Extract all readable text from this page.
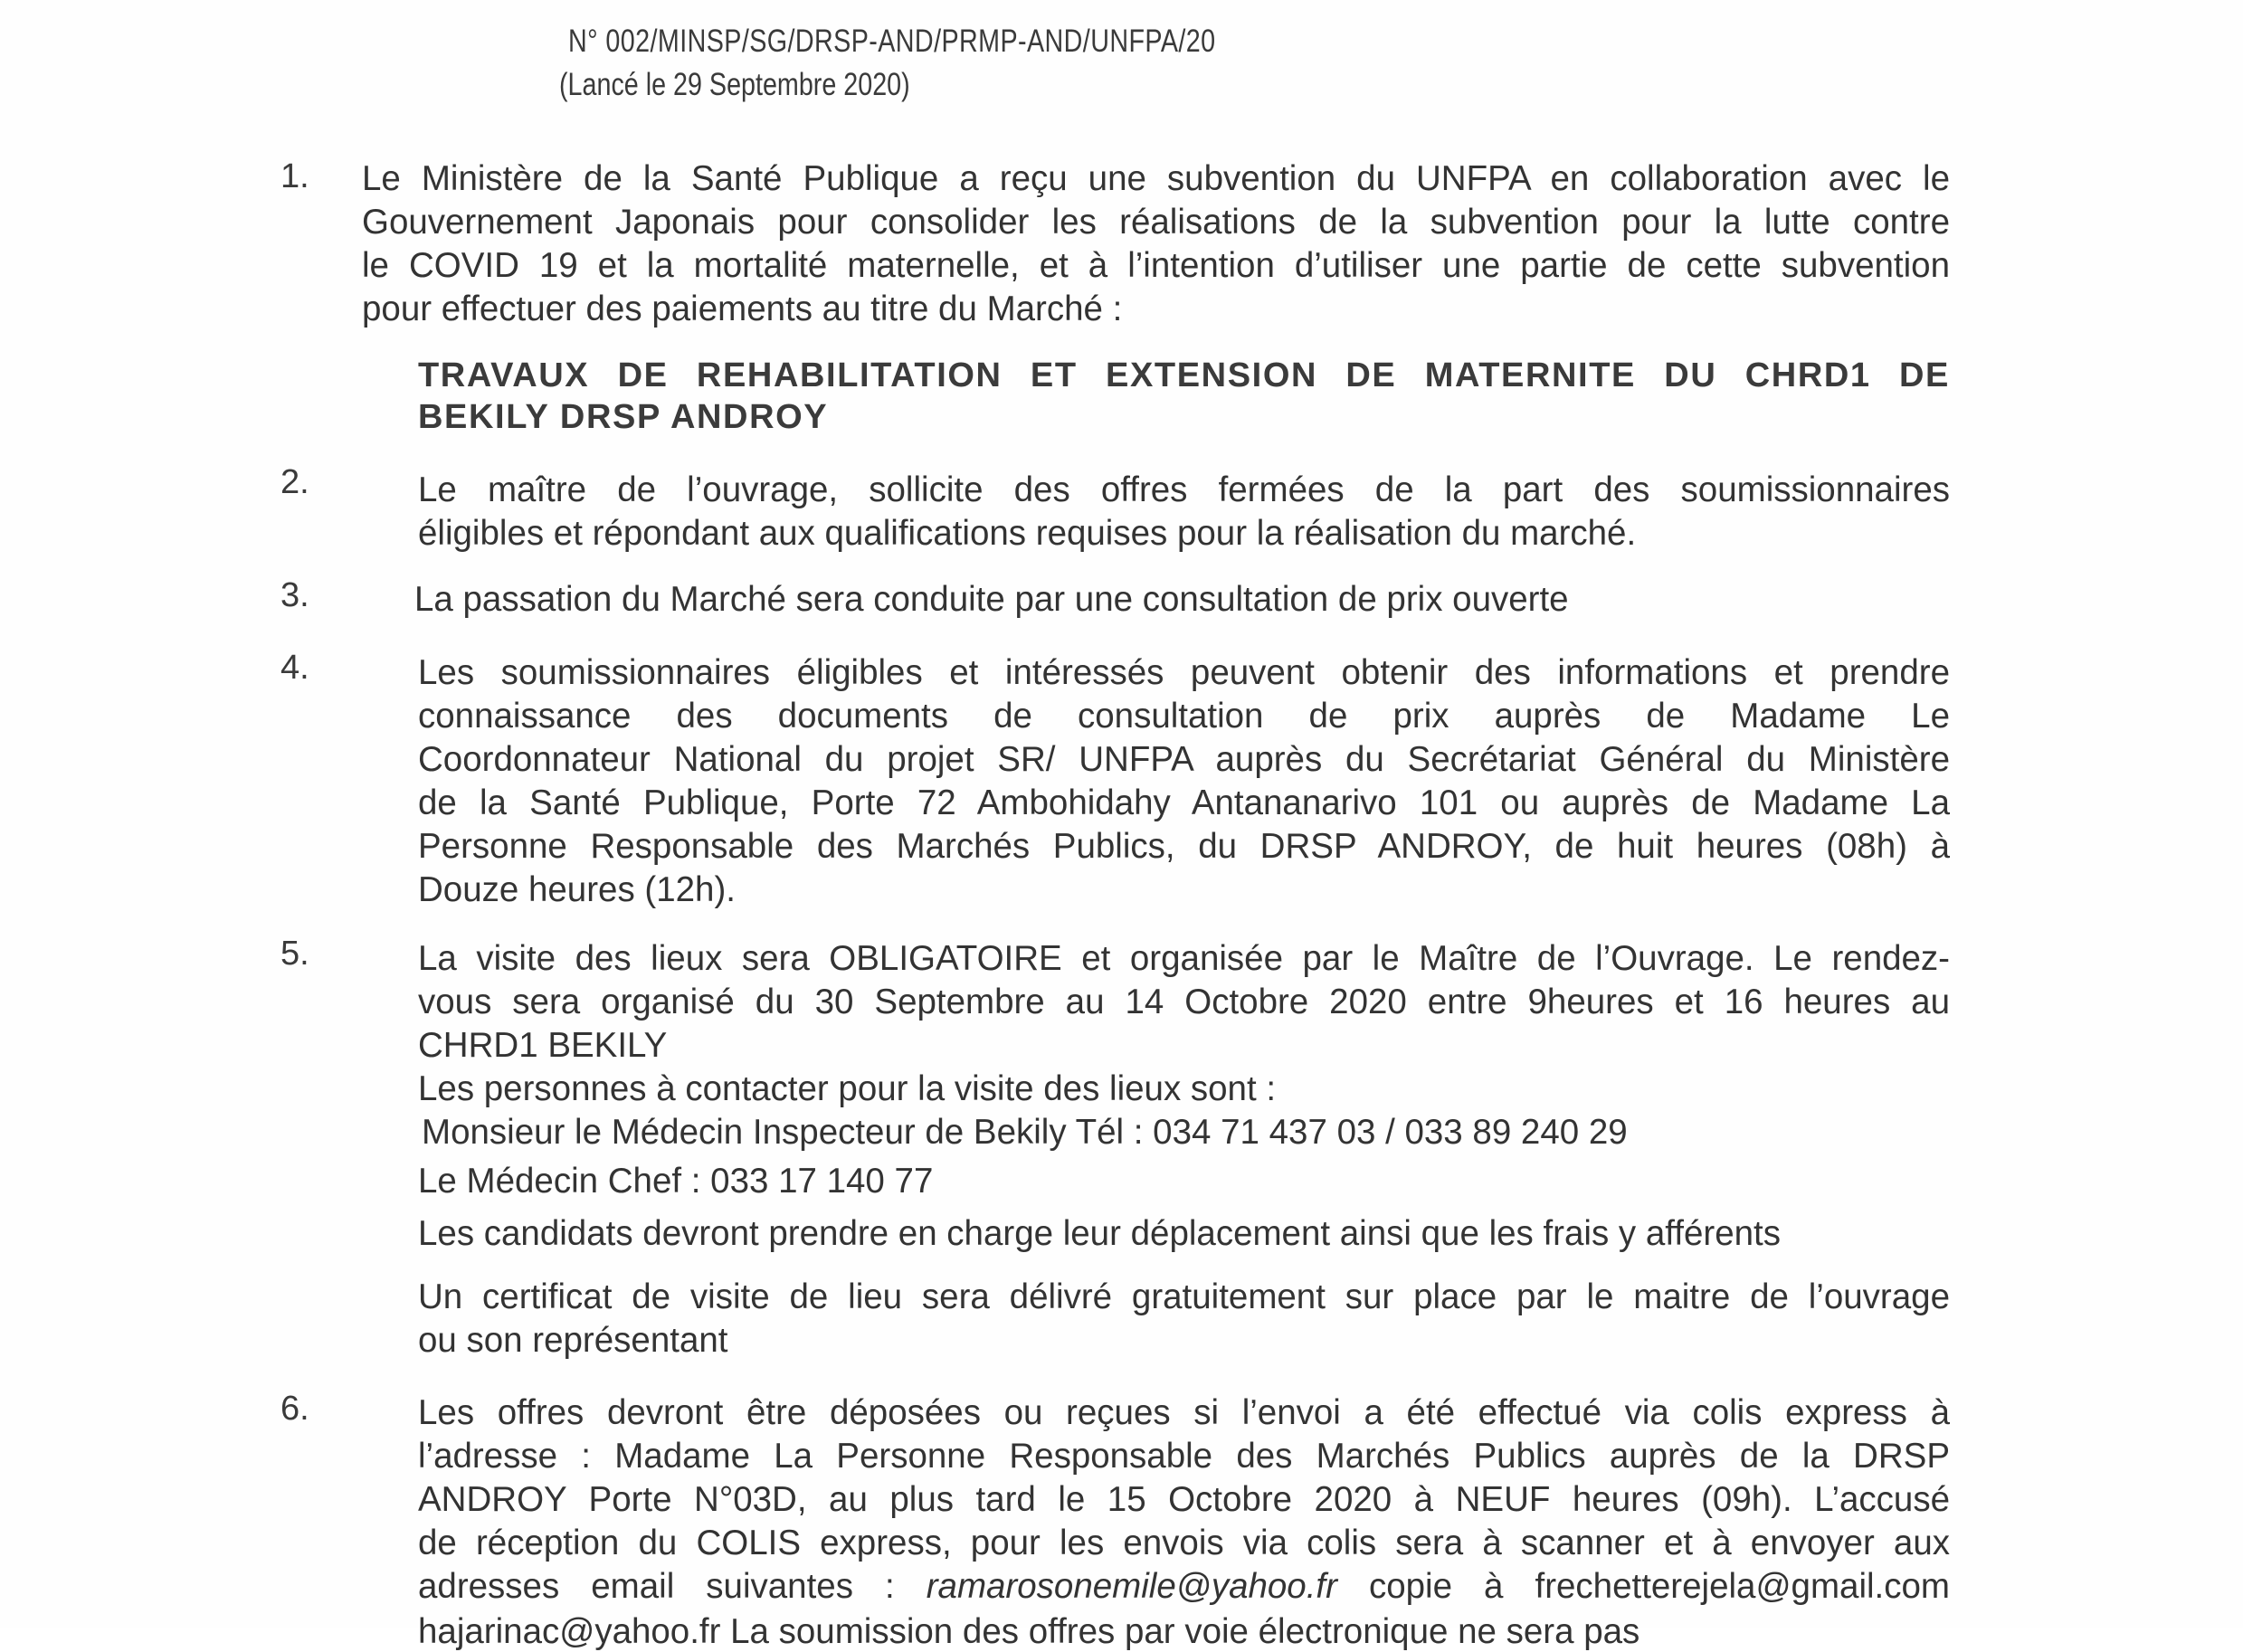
N° 002/MINSP/SG/DRSP-AND/PRMP-AND/UNFPA/20
(Lancé le 29 Septembre 2020)
1. Le Ministère de la Santé Publique a reçu une subvention du UNFPA en collaboration avec le
Gouvernement Japonais pour consolider les réalisations de la subvention pour la lutte contre
le COVID 19 et la mortalité maternelle, et à l’intention d’utiliser une partie de cette subvention
pour effectuer des paiements au titre du Marché :
TRAVAUX DE REHABILITATION ET EXTENSION DE MATERNITE DU CHRD1 DE
BEKILY DRSP ANDROY
2.	Le maître de l’ouvrage, sollicite des offres fermées de la part des soumissionnaires
éligibles et répondant aux qualifications requises pour la réalisation du marché.
3.	La passation du Marché sera conduite par une consultation de prix ouverte
4.	Les soumissionnaires éligibles et intéressés peuvent obtenir des informations et prendre
connaissance des documents de consultation de prix auprès de Madame Le
Coordonnateur National du projet SR/ UNFPA auprès du Secrétariat Général du Ministère
de la Santé Publique, Porte 72 Ambohidahy Antananarivo 101 ou auprès de Madame La
Personne Responsable des Marchés Publics, du DRSP ANDROY, de huit heures (08h) à
Douze heures (12h).
5.	La visite des lieux sera OBLIGATOIRE et organisée par le Maître de l’Ouvrage. Le rendez-
vous sera organisé du 30 Septembre au 14 Octobre 2020 entre 9heures et 16 heures au
CHRD1 BEKILY
Les personnes à contacter pour la visite des lieux sont :
Monsieur le Médecin Inspecteur de Bekily Tél : 034 71 437 03 / 033 89 240 29
Le Médecin Chef : 033 17 140 77
Les candidats devront prendre en charge leur déplacement ainsi que les frais y afférents
Un certificat de visite de lieu sera délivré gratuitement sur place par le maitre de l’ouvrage
ou son représentant
6.	Les offres devront être déposées ou reçues si l’envoi a été effectué via colis express à
l’adresse : Madame La Personne Responsable des Marchés Publics auprès de la DRSP
ANDROY Porte N°03D, au plus tard le 15 Octobre 2020 à NEUF heures (09h). L’accusé
de réception du COLIS express, pour les envois via colis sera à scanner et à envoyer aux
adresses email suivantes : ramarosonemile@yahoo.fr copie à frechetterejela@gmail.com
hajarinac@yahoo.fr La soumission des offres par voie électronique ne sera pas
